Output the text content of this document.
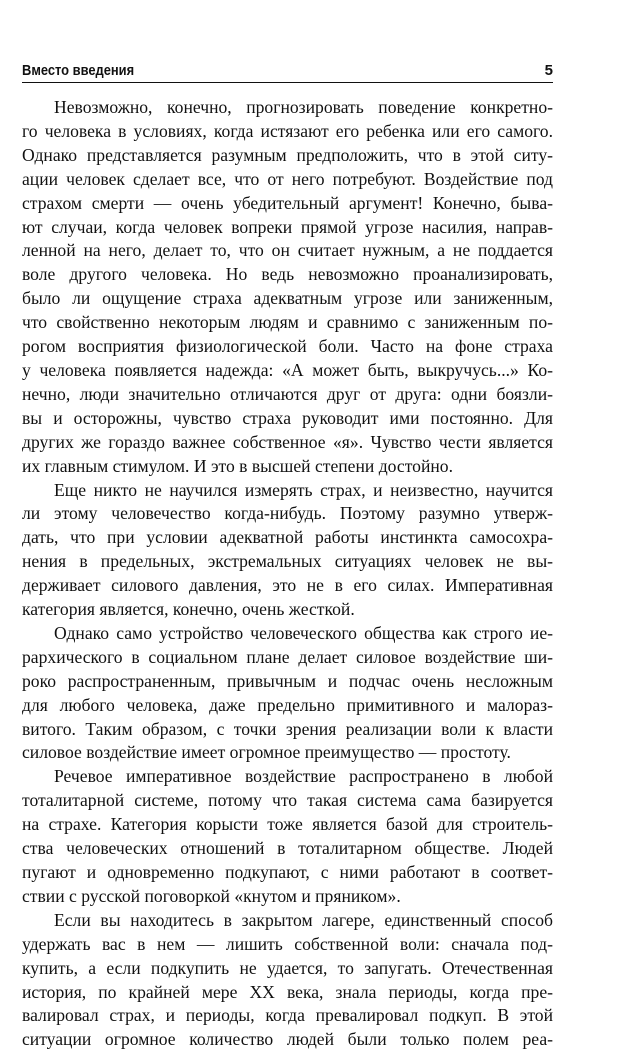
Вместо введения	5
Невозможно, конечно, прогнозировать поведение конкретно-
го человека в условиях, когда истязают его ребенка или его самого.
Однако представляется разумным предположить, что в этой ситу-
ации человек сделает все, что от него потребуют. Воздействие под
страхом смерти — очень убедительный аргумент! Конечно, быва-
ют случаи, когда человек вопреки прямой угрозе насилия, направ-
ленной на него, делает то, что он считает нужным, а не поддается
воле другого человека. Но ведь невозможно проанализировать,
было ли ощущение страха адекватным угрозе или заниженным,
что свойственно некоторым людям и сравнимо с заниженным по-
рогом восприятия физиологической боли. Часто на фоне страха
у человека появляется надежда: «А может быть, выкручусь...» Ко-
нечно, люди значительно отличаются друг от друга: одни боязли-
вы и осторожны, чувство страха руководит ими постоянно. Для
других же гораздо важнее собственное «я». Чувство чести является
их главным стимулом. И это в высшей степени достойно.
Еще никто не научился измерять страх, и неизвестно, научится
ли этому человечество когда-нибудь. Поэтому разумно утверж-
дать, что при условии адекватной работы инстинкта самосохра-
нения в предельных, экстремальных ситуациях человек не вы-
держивает силового давления, это не в его силах. Императивная
категория является, конечно, очень жесткой.
Однако само устройство человеческого общества как строго ие-
рархического в социальном плане делает силовое воздействие ши-
роко распространенным, привычным и подчас очень несложным
для любого человека, даже предельно примитивного и малораз-
витого. Таким образом, с точки зрения реализации воли к власти
силовое воздействие имеет огромное преимущество — простоту.
Речевое императивное воздействие распространено в любой
тоталитарной системе, потому что такая система сама базируется
на страхе. Категория корысти тоже является базой для строитель-
ства человеческих отношений в тоталитарном обществе. Людей
пугают и одновременно подкупают, с ними работают в соответ-
ствии с русской поговоркой «кнутом и пряником».
Если вы находитесь в закрытом лагере, единственный способ
удержать вас в нем — лишить собственной воли: сначала под-
купить, а если подкупить не удается, то запугать. Отечественная
история, по крайней мере XX века, знала периоды, когда пре-
валировал страх, и периоды, когда превалировал подкуп. В этой
ситуации огромное количество людей были только полем реа-
